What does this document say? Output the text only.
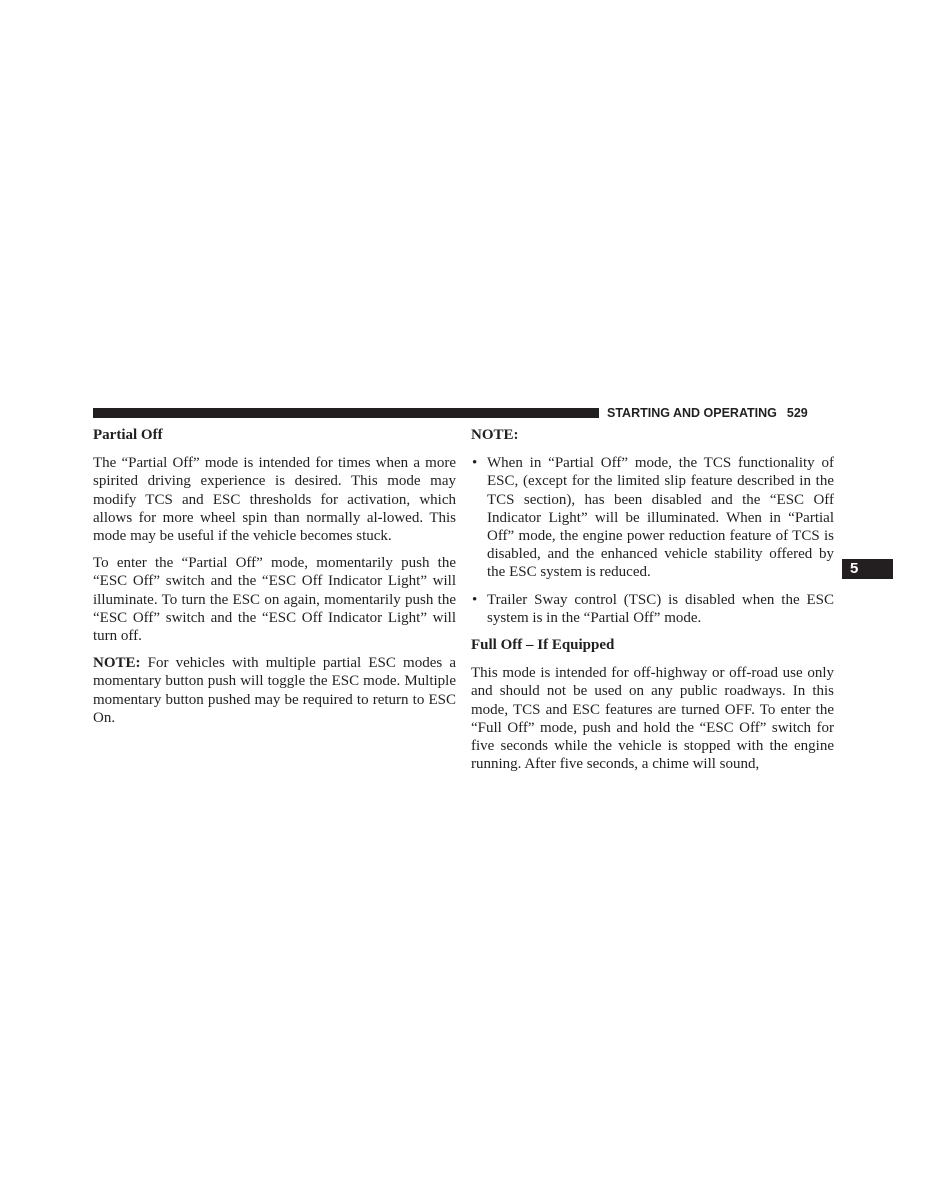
STARTING AND OPERATING 529
5
Partial Off

The “Partial Off” mode is intended for times when a more spirited driving experience is desired. This mode may modify TCS and ESC thresholds for activation, which allows for more wheel spin than normally al-lowed. This mode may be useful if the vehicle becomes stuck.

To enter the “Partial Off” mode, momentarily push the “ESC Off” switch and the “ESC Off Indicator Light” will illuminate. To turn the ESC on again, momentarily push the “ESC Off” switch and the “ESC Off Indicator Light” will turn off.

NOTE: For vehicles with multiple partial ESC modes a momentary button push will toggle the ESC mode. Multiple momentary button pushed may be required to return to ESC On.

NOTE:
• When in “Partial Off” mode, the TCS functionality of ESC, (except for the limited slip feature described in the TCS section), has been disabled and the “ESC Off Indicator Light” will be illuminated. When in “Partial Off” mode, the engine power reduction feature of TCS is disabled, and the enhanced vehicle stability offered by the ESC system is reduced.
• Trailer Sway control (TSC) is disabled when the ESC system is in the “Partial Off” mode.
Full Off – If Equipped

This mode is intended for off-highway or off-road use only and should not be used on any public roadways. In this mode, TCS and ESC features are turned OFF. To enter the “Full Off” mode, push and hold the “ESC Off” switch for five seconds while the vehicle is stopped with the engine running. After five seconds, a chime will sound,
